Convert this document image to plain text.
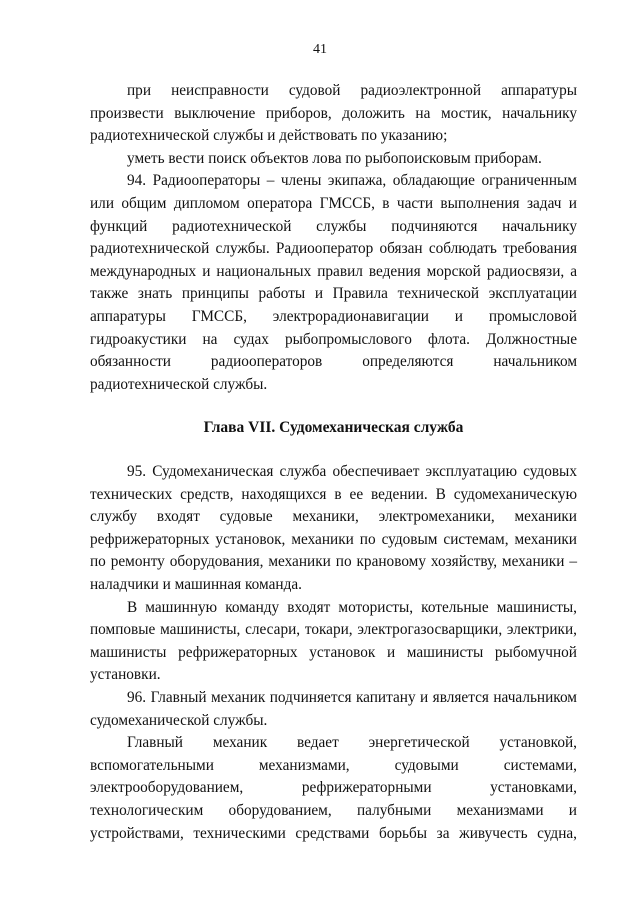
41

при неисправности судовой радиоэлектронной аппаратуры произвести выключение приборов, доложить на мостик, начальнику радиотехнической службы и действовать по указанию;

уметь вести поиск объектов лова по рыбопоисковым приборам.

94. Радиооператоры – члены экипажа, обладающие ограниченным или общим дипломом оператора ГМССБ, в части выполнения задач и функций радиотехнической службы подчиняются начальнику радиотехнической службы. Радиооператор обязан соблюдать требования международных и национальных правил ведения морской радиосвязи, а также знать принципы работы и Правила технической эксплуатации аппаратуры ГМССБ, электрорадионавигации и промысловой гидроакустики на судах рыбопромыслового флота. Должностные обязанности радиооператоров определяются начальником радиотехнической службы.

Глава VII. Судомеханическая служба

95. Судомеханическая служба обеспечивает эксплуатацию судовых технических средств, находящихся в ее ведении. В судомеханическую службу входят судовые механики, электромеханики, механики рефрижераторных установок, механики по судовым системам, механики по ремонту оборудования, механики по крановому хозяйству, механики – наладчики и машинная команда.

В машинную команду входят мотористы, котельные машинисты, помповые машинисты, слесари, токари, электрогазосварщики, электрики, машинисты рефрижераторных установок и машинисты рыбомучной установки.

96. Главный механик подчиняется капитану и является начальником судомеханической службы.

Главный механик ведает энергетической установкой, вспомогательными механизмами, судовыми системами, электрооборудованием, рефрижераторными установками, технологическим оборудованием, палубными механизмами и устройствами, техническими средствами борьбы за живучесть судна,
